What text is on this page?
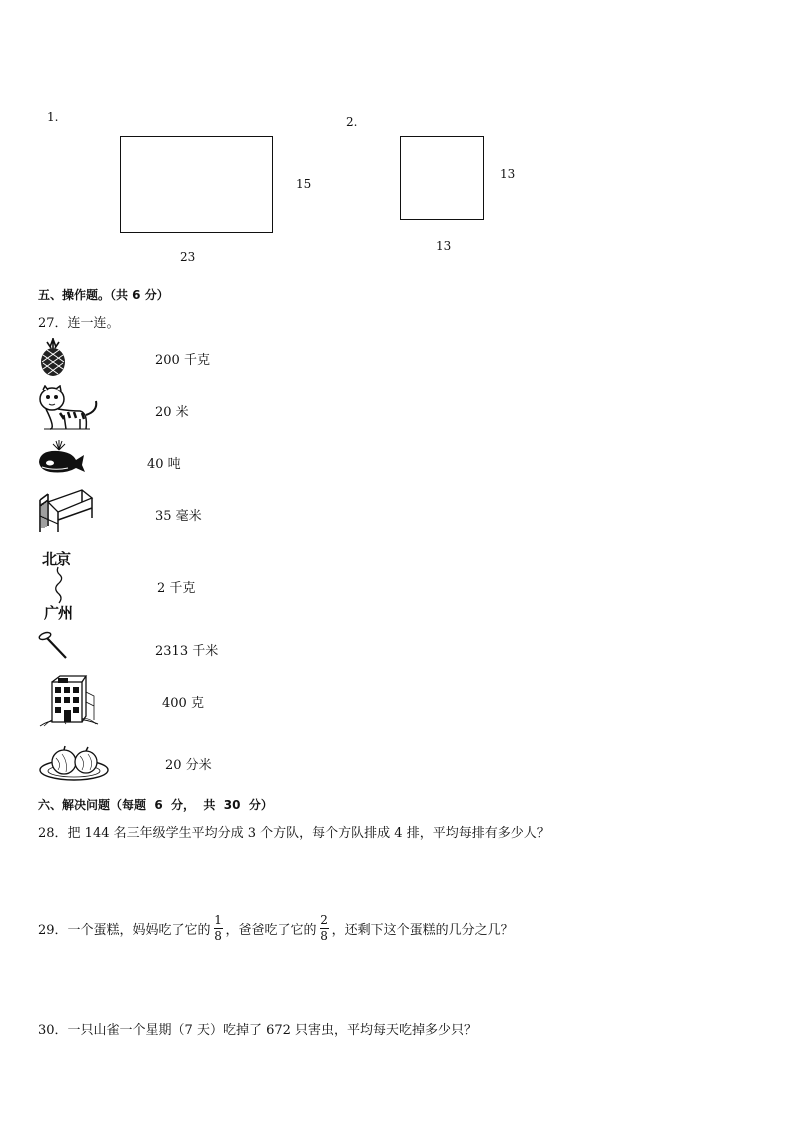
1.
15
23
2.
13
13
五、操作题。（共 6 分）
27．连一连。
200 千克
20 米
40 吨
35 毫米
北京
广州
2 千克
2313 千米
400 克
20 分米
六、解决问题（每题  6  分，  共  30  分）
28．把 144 名三年级学生平均分成 3 个方队，每个方队排成 4 排，平均每排有多少人？
29．一个蛋糕，妈妈吃了它的 $\frac{1}{8}$ ，爸爸吃了它的 $\frac{2}{8}$ ，还剩下这个蛋糕的几分之几？
30．一只山雀一个星期（7 天）吃掉了 672 只害虫，平均每天吃掉多少只？
